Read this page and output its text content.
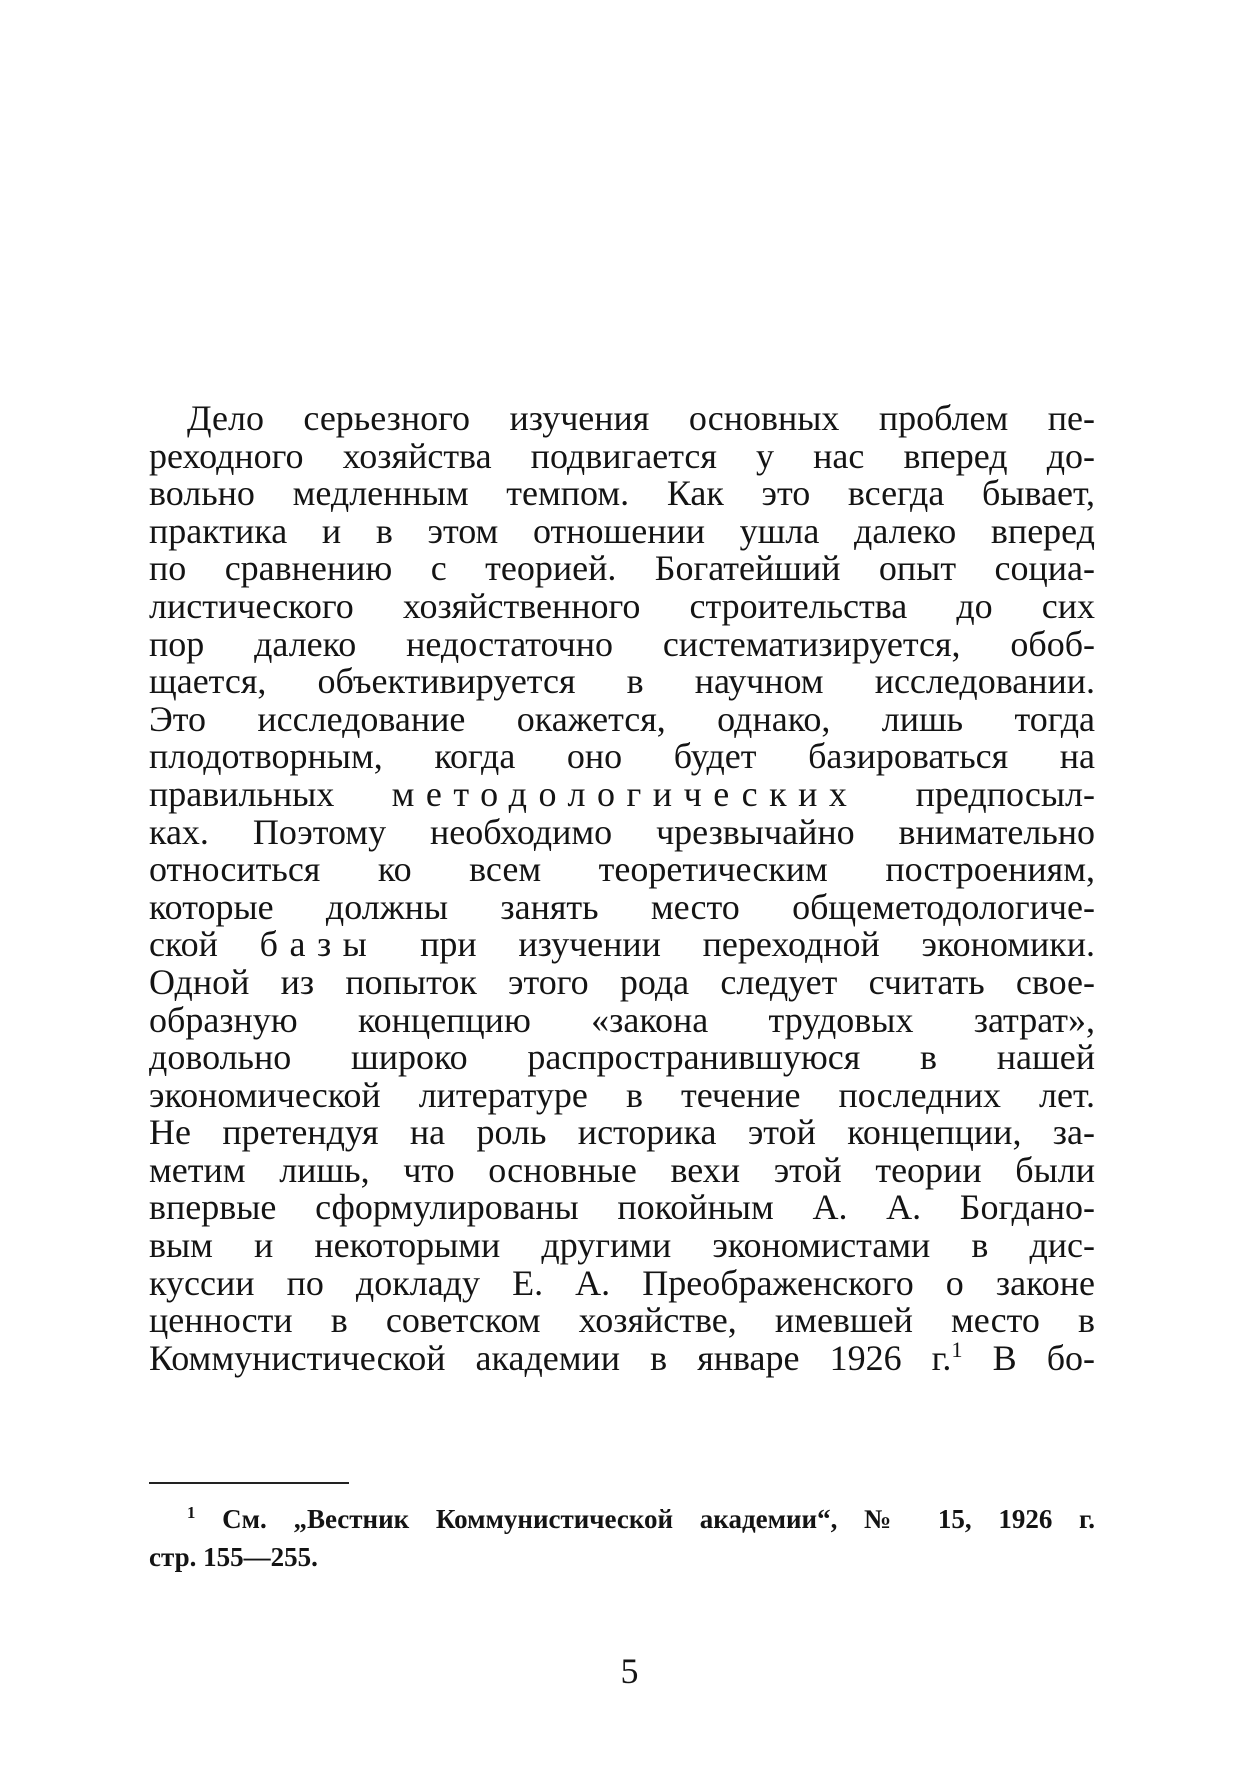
Дело серьезного изучения основных проблем пе-
реходного хозяйства подвигается у нас вперед до-
вольно медленным темпом. Как это всегда бывает,
практика и в этом отношении ушла далеко вперед
по сравнению с теорией. Богатейший опыт социа-
листического хозяйственного строительства до сих
пор далеко недостаточно систематизируется, обоб-
щается, объективируется в научном исследовании.
Это исследование окажется, однако, лишь тогда
плодотворным, когда оно будет базироваться на
правильных методологических предпосыл-
ках. Поэтому необходимо чрезвычайно внимательно
относиться ко всем теоретическим построениям,
которые должны занять место общеметодологиче-
ской базы при изучении переходной экономики.
Одной из попыток этого рода следует считать свое-
образную концепцию «закона трудовых затрат»,
довольно широко распространившуюся в нашей
экономической литературе в течение последних лет.
Не претендуя на роль историка этой концепции, за-
метим лишь, что основные вехи этой теории были
впервые сформулированы покойным А. А. Богдано-
вым и некоторыми другими экономистами в дис-
куссии по докладу Е. А. Преображенского о законе
ценности в советском хозяйстве, имевшей место в
Коммунистической академии в январе 1926 г.$^1$ В бо-
$^1$ См. „Вестник Коммунистической академии“, № 15, 1926 г.
стр. 155—255.
5
